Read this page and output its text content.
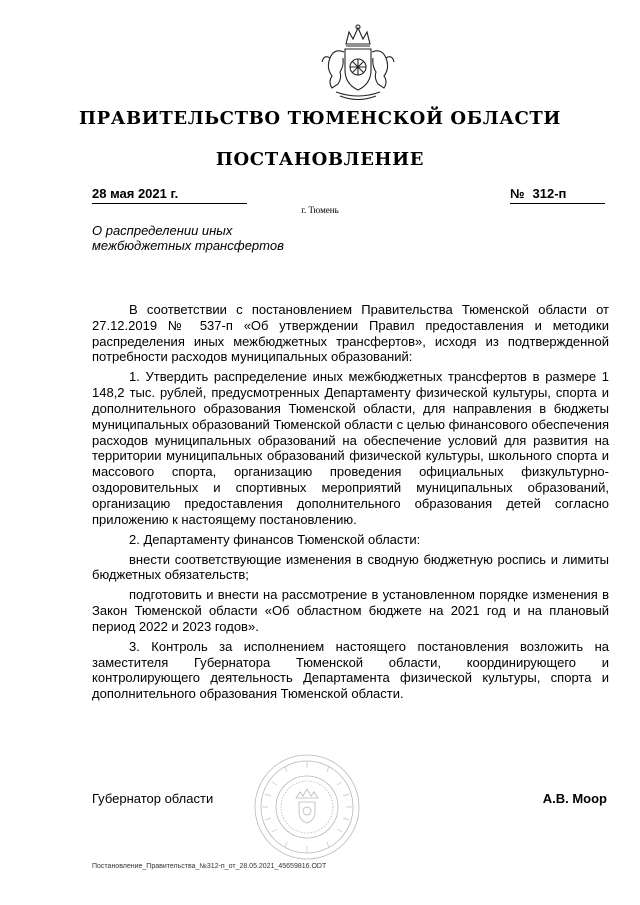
ПРАВИТЕЛЬСТВО ТЮМЕНСКОЙ ОБЛАСТИ
ПОСТАНОВЛЕНИЕ
28 мая 2021 г.	№ 312-п
г. Тюмень
О распределении иных
межбюджетных трансфертов

В соответствии с постановлением Правительства Тюменской области от 27.12.2019 № 537-п «Об утверждении Правил предоставления и методики распределения иных межбюджетных трансфертов», исходя из подтвержденной потребности расходов муниципальных образований:

1. Утвердить распределение иных межбюджетных трансфертов в размере 1 148,2 тыс. рублей, предусмотренных Департаменту физической культуры, спорта и дополнительного образования Тюменской области, для направления в бюджеты муниципальных образований Тюменской области с целью финансового обеспечения расходов муниципальных образований на обеспечение условий для развития на территории муниципальных образований физической культуры, школьного спорта и массового спорта, организацию проведения официальных физкультурно-оздоровительных и спортивных мероприятий муниципальных образований, организацию предоставления дополнительного образования детей согласно приложению к настоящему постановлению.

2. Департаменту финансов Тюменской области:

внести соответствующие изменения в сводную бюджетную роспись и лимиты бюджетных обязательств;

подготовить и внести на рассмотрение в установленном порядке изменения в Закон Тюменской области «Об областном бюджете на 2021 год и на плановый период 2022 и 2023 годов».

3. Контроль за исполнением настоящего постановления возложить на заместителя Губернатора Тюменской области, координирующего и контролирующего деятельность Департамента физической культуры, спорта и дополнительного образования Тюменской области.

Губернатор области	А.В. Моор
Постановление_Правительства_№312-п_от_28.05.2021_45659816.ODT
